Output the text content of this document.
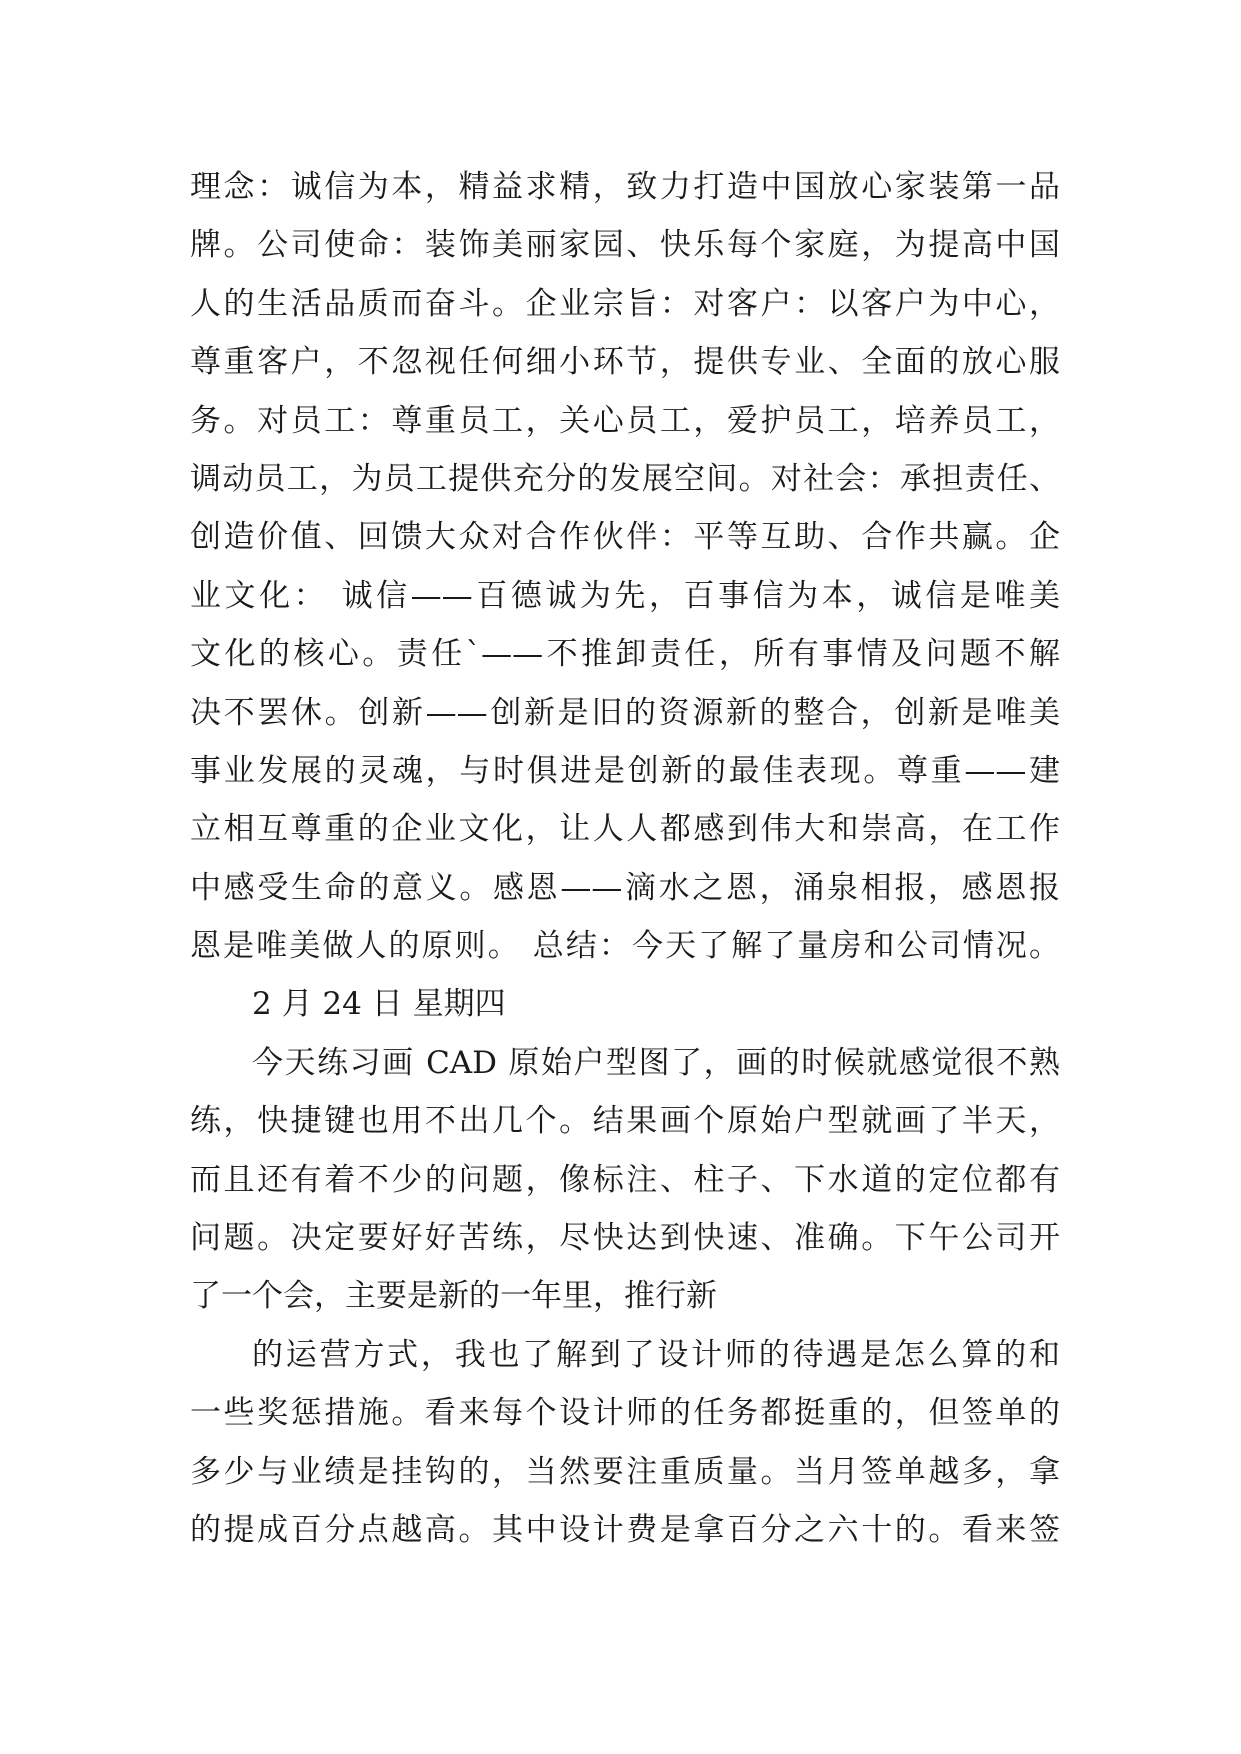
理念：诚信为本，精益求精，致力打造中国放心家装第一品
牌。公司使命：装饰美丽家园、快乐每个家庭，为提高中国
人的生活品质而奋斗。企业宗旨：对客户：以客户为中心，
尊重客户，不忽视任何细小环节，提供专业、全面的放心服
务。对员工：尊重员工，关心员工，爱护员工，培养员工，
调动员工，为员工提供充分的发展空间。对社会：承担责任、
创造价值、回馈大众对合作伙伴：平等互助、合作共赢。企
业文化： 诚信——百德诚为先，百事信为本，诚信是唯美
文化的核心。责任`——不推卸责任，所有事情及问题不解
决不罢休。创新——创新是旧的资源新的整合，创新是唯美
事业发展的灵魂，与时俱进是创新的最佳表现。尊重——建
立相互尊重的企业文化，让人人都感到伟大和崇高，在工作
中感受生命的意义。感恩——滴水之恩，涌泉相报，感恩报
恩是唯美做人的原则。 总结：今天了解了量房和公司情况。
2 月 24 日 星期四
今天练习画 CAD 原始户型图了，画的时候就感觉很不熟
练，快捷键也用不出几个。结果画个原始户型就画了半天，
而且还有着不少的问题，像标注、柱子、下水道的定位都有
问题。决定要好好苦练，尽快达到快速、准确。下午公司开
了一个会，主要是新的一年里，推行新
的运营方式，我也了解到了设计师的待遇是怎么算的和
一些奖惩措施。看来每个设计师的任务都挺重的，但签单的
多少与业绩是挂钩的，当然要注重质量。当月签单越多，拿
的提成百分点越高。其中设计费是拿百分之六十的。看来签
